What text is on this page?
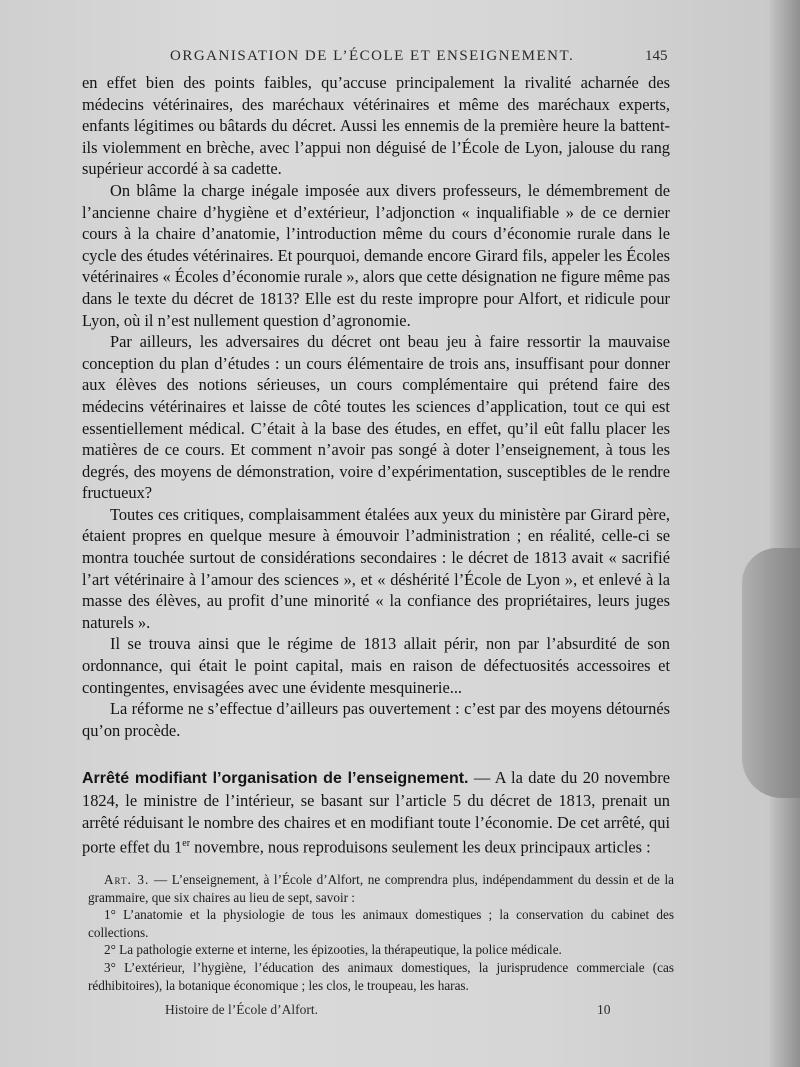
ORGANISATION DE L’ÉCOLE ET ENSEIGNEMENT.	145

en effet bien des points faibles, qu’accuse principalement la rivalité acharnée des médecins vétérinaires, des maréchaux vétérinaires et même des maréchaux experts, enfants légitimes ou bâtards du décret. Aussi les ennemis de la première heure la battent-ils violemment en brèche, avec l’appui non déguisé de l’École de Lyon, jalouse du rang supérieur accordé à sa cadette.

On blâme la charge inégale imposée aux divers professeurs, le démembrement de l’ancienne chaire d’hygiène et d’extérieur, l’adjonction « inqualifiable » de ce dernier cours à la chaire d’anatomie, l’introduction même du cours d’économie rurale dans le cycle des études vétérinaires. Et pourquoi, demande encore Girard fils, appeler les Écoles vétérinaires « Écoles d’économie rurale », alors que cette désignation ne figure même pas dans le texte du décret de 1813? Elle est du reste impropre pour Alfort, et ridicule pour Lyon, où il n’est nullement question d’agronomie.

Par ailleurs, les adversaires du décret ont beau jeu à faire ressortir la mauvaise conception du plan d’études : un cours élémentaire de trois ans, insuffisant pour donner aux élèves des notions sérieuses, un cours complémentaire qui prétend faire des médecins vétérinaires et laisse de côté toutes les sciences d’application, tout ce qui est essentiellement médical. C’était à la base des études, en effet, qu’il eût fallu placer les matières de ce cours. Et comment n’avoir pas songé à doter l’enseignement, à tous les degrés, des moyens de démonstration, voire d’expérimentation, susceptibles de le rendre fructueux?

Toutes ces critiques, complaisamment étalées aux yeux du ministère par Girard père, étaient propres en quelque mesure à émouvoir l’administration ; en réalité, celle-ci se montra touchée surtout de considérations secondaires : le décret de 1813 avait « sacrifié l’art vétérinaire à l’amour des sciences », et « déshérité l’École de Lyon », et enlevé à la masse des élèves, au profit d’une minorité « la confiance des propriétaires, leurs juges naturels ».

Il se trouva ainsi que le régime de 1813 allait périr, non par l’absurdité de son ordonnance, qui était le point capital, mais en raison de défectuosités accessoires et contingentes, envisagées avec une évidente mesquinerie...

La réforme ne s’effectue d’ailleurs pas ouvertement : c’est par des moyens détournés qu’on procède.

Arrêté modifiant l’organisation de l’enseignement. — A la date du 20 novembre 1824, le ministre de l’intérieur, se basant sur l’article 5 du décret de 1813, prenait un arrêté réduisant le nombre des chaires et en modifiant toute l’économie. De cet arrêté, qui porte effet du 1er novembre, nous reproduisons seulement les deux principaux articles :

Art. 3. — L’enseignement, à l’École d’Alfort, ne comprendra plus, indépendamment du dessin et de la grammaire, que six chaires au lieu de sept, savoir :

1° L’anatomie et la physiologie de tous les animaux domestiques ; la conservation du cabinet des collections.

2° La pathologie externe et interne, les épizooties, la thérapeutique, la police médicale.

3° L’extérieur, l’hygiène, l’éducation des animaux domestiques, la jurisprudence commerciale (cas rédhibitoires), la botanique économique ; les clos, le troupeau, les haras.

Histoire de l’École d’Alfort.	10
